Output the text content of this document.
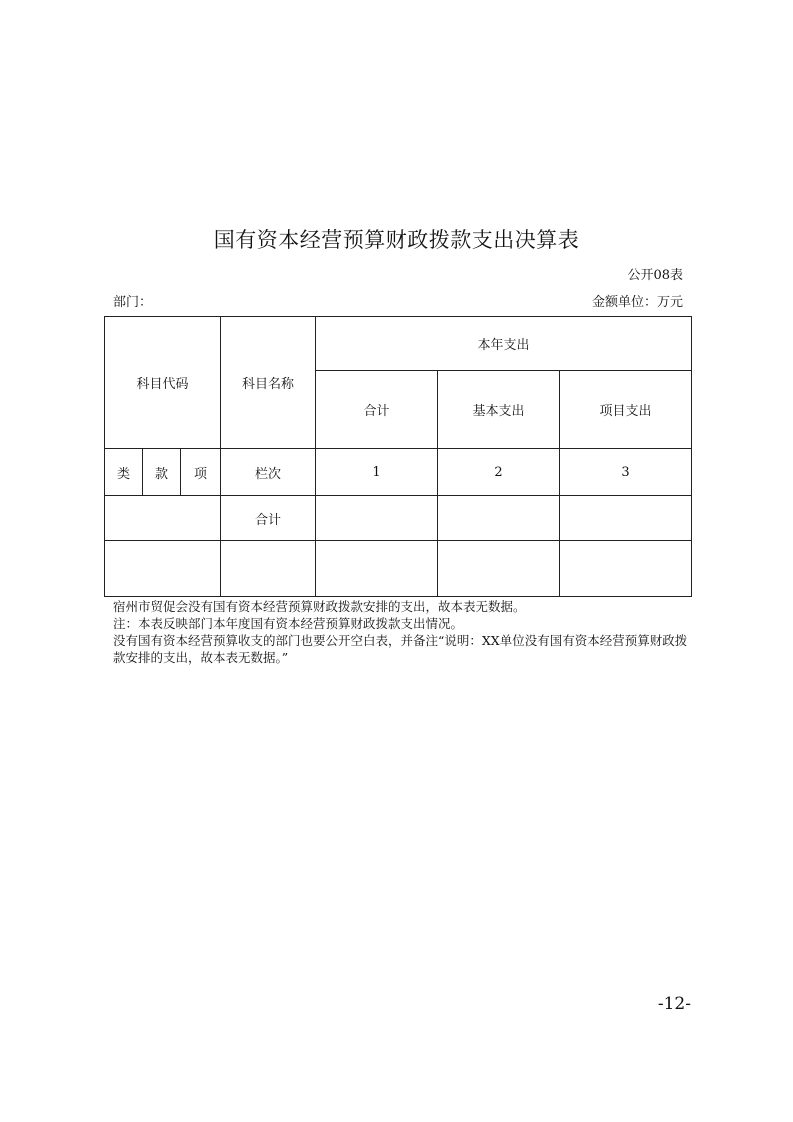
国有资本经营预算财政拨款支出决算表
公开08表
部门：	金额单位：万元
科目代码			科目名称	本年支出		
				合计	基本支出	项目支出
类	款	项	栏次	1	2	3
			合计			

宿州市贸促会没有国有资本经营预算财政拨款安排的支出，故本表无数据。

注：本表反映部门本年度国有资本经营预算财政拨款支出情况。

没有国有资本经营预算收支的部门也要公开空白表，并备注“说明：XX单位没有国有资本经营预算财政拨款安排的支出，故本表无数据。”

-12-
